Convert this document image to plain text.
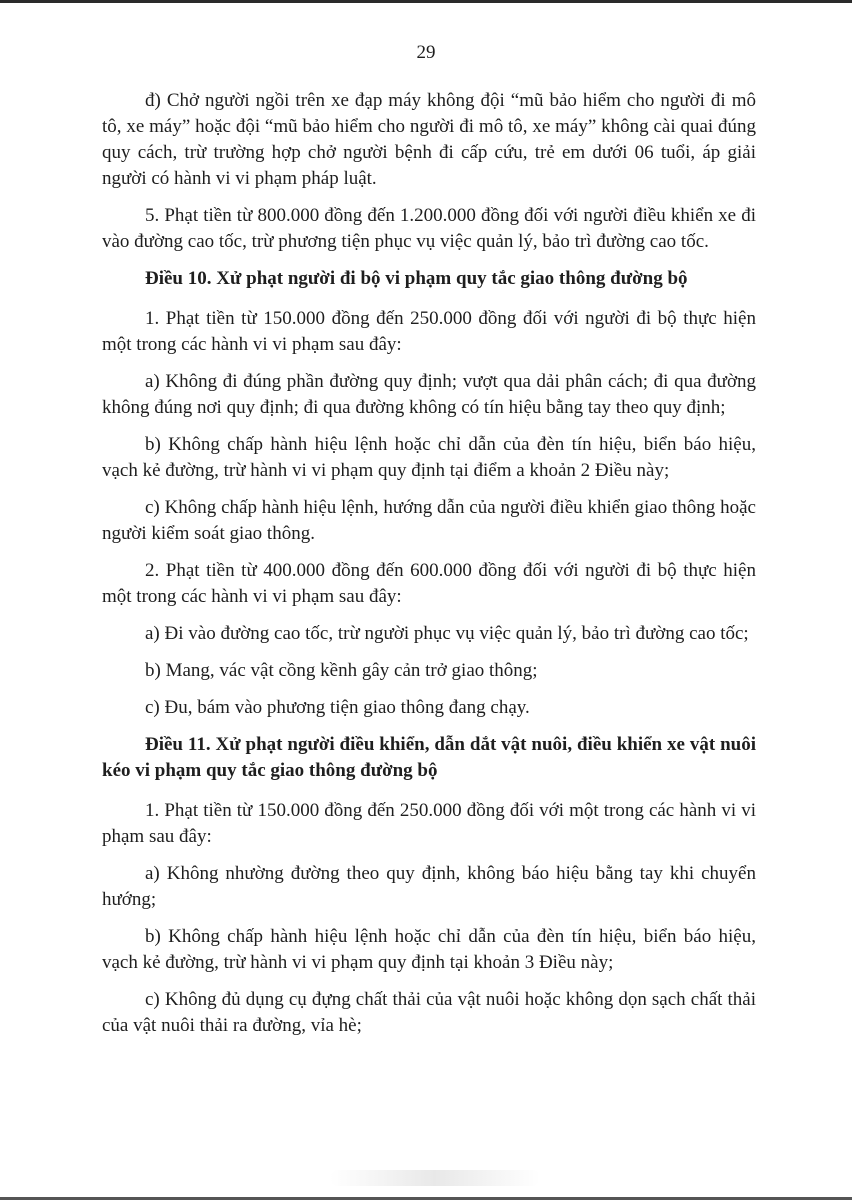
29

đ) Chở người ngồi trên xe đạp máy không đội “mũ bảo hiểm cho người đi mô tô, xe máy” hoặc đội “mũ bảo hiểm cho người đi mô tô, xe máy” không cài quai đúng quy cách, trừ trường hợp chở người bệnh đi cấp cứu, trẻ em dưới 06 tuổi, áp giải người có hành vi vi phạm pháp luật.

5. Phạt tiền từ 800.000 đồng đến 1.200.000 đồng đối với người điều khiển xe đi vào đường cao tốc, trừ phương tiện phục vụ việc quản lý, bảo trì đường cao tốc.

Điều 10. Xử phạt người đi bộ vi phạm quy tắc giao thông đường bộ

1. Phạt tiền từ 150.000 đồng đến 250.000 đồng đối với người đi bộ thực hiện một trong các hành vi vi phạm sau đây:

a) Không đi đúng phần đường quy định; vượt qua dải phân cách; đi qua đường không đúng nơi quy định; đi qua đường không có tín hiệu bằng tay theo quy định;

b) Không chấp hành hiệu lệnh hoặc chỉ dẫn của đèn tín hiệu, biển báo hiệu, vạch kẻ đường, trừ hành vi vi phạm quy định tại điểm a khoản 2 Điều này;

c) Không chấp hành hiệu lệnh, hướng dẫn của người điều khiển giao thông hoặc người kiểm soát giao thông.

2. Phạt tiền từ 400.000 đồng đến 600.000 đồng đối với người đi bộ thực hiện một trong các hành vi vi phạm sau đây:

a) Đi vào đường cao tốc, trừ người phục vụ việc quản lý, bảo trì đường cao tốc;

b) Mang, vác vật cồng kềnh gây cản trở giao thông;

c) Đu, bám vào phương tiện giao thông đang chạy.

Điều 11. Xử phạt người điều khiển, dẫn dắt vật nuôi, điều khiển xe vật nuôi kéo vi phạm quy tắc giao thông đường bộ

1. Phạt tiền từ 150.000 đồng đến 250.000 đồng đối với một trong các hành vi vi phạm sau đây:

a) Không nhường đường theo quy định, không báo hiệu bằng tay khi chuyển hướng;

b) Không chấp hành hiệu lệnh hoặc chỉ dẫn của đèn tín hiệu, biển báo hiệu, vạch kẻ đường, trừ hành vi vi phạm quy định tại khoản 3 Điều này;

c) Không đủ dụng cụ đựng chất thải của vật nuôi hoặc không dọn sạch chất thải của vật nuôi thải ra đường, vỉa hè;
